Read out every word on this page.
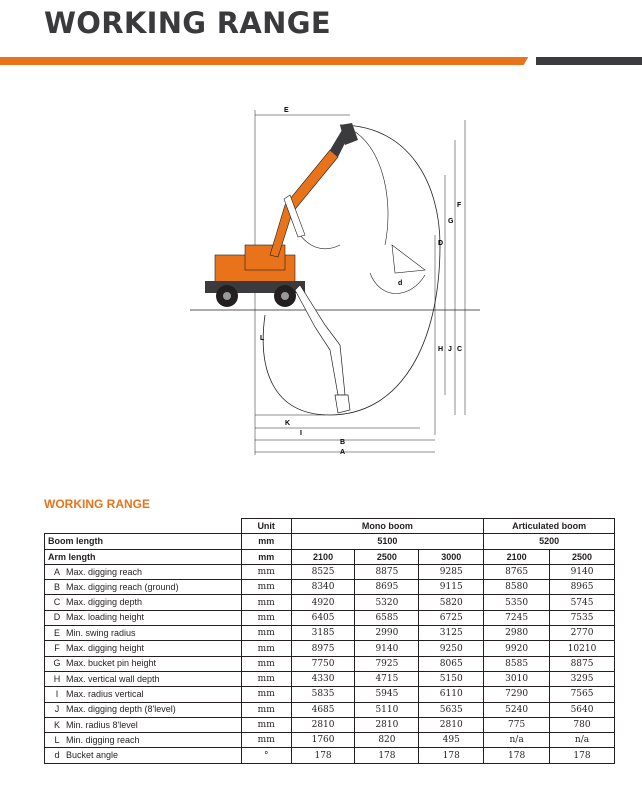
WORKING RANGE
E
F
G
D
H J C
K
I
B
A
L
d
WORKING RANGE
	Unit	Mono boom			Articulated boom	
Boom length	mm	5100			5200	
Arm length	mm	2100	2500	3000	2100	2500
A Max. digging reach	mm	8525	8875	9285	8765	9140
B Max. digging reach (ground)	mm	8340	8695	9115	8580	8965
C Max. digging depth	mm	4920	5320	5820	5350	5745
D Max. loading height	mm	6405	6585	6725	7245	7535
E Min. swing radius	mm	3185	2990	3125	2980	2770
F Max. digging height	mm	8975	9140	9250	9920	10210
G Max. bucket pin height	mm	7750	7925	8065	8585	8875
H Max. vertical wall depth	mm	4330	4715	5150	3010	3295
I Max. radius vertical	mm	5835	5945	6110	7290	7565
J Max. digging depth (8'level)	mm	4685	5110	5635	5240	5640
K Min. radius 8'level	mm	2810	2810	2810	775	780
L Min. digging reach	mm	1760	820	495	n/a	n/a
d Bucket angle	°	178	178	178	178	178
